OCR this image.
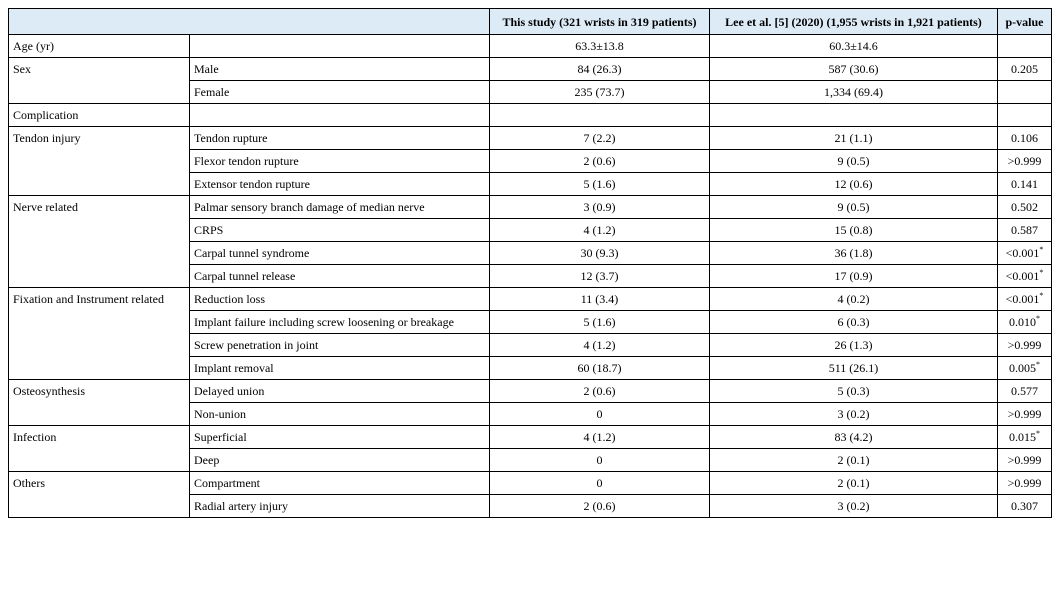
		This study (321 wrists in 319 patients)	Lee et al. [5] (2020) (1,955 wrists in 1,921 patients)	p-value
Age (yr)		63.3±13.8	60.3±14.6	
Sex	Male	84 (26.3)	587 (30.6)	0.205
	Female	235 (73.7)	1,334 (69.4)	
Complication				
Tendon injury	Tendon rupture	7 (2.2)	21 (1.1)	0.106
	Flexor tendon rupture	2 (0.6)	9 (0.5)	>0.999
	Extensor tendon rupture	5 (1.6)	12 (0.6)	0.141
Nerve related	Palmar sensory branch damage of median nerve	3 (0.9)	9 (0.5)	0.502
	CRPS	4 (1.2)	15 (0.8)	0.587
	Carpal tunnel syndrome	30 (9.3)	36 (1.8)	<0.001*
	Carpal tunnel release	12 (3.7)	17 (0.9)	<0.001*
Fixation and Instrument related	Reduction loss	11 (3.4)	4 (0.2)	<0.001*
	Implant failure including screw loosening or breakage	5 (1.6)	6 (0.3)	0.010*
	Screw penetration in joint	4 (1.2)	26 (1.3)	>0.999
	Implant removal	60 (18.7)	511 (26.1)	0.005*
Osteosynthesis	Delayed union	2 (0.6)	5 (0.3)	0.577
	Non-union	0	3 (0.2)	>0.999
Infection	Superficial	4 (1.2)	83 (4.2)	0.015*
	Deep	0	2 (0.1)	>0.999
Others	Compartment	0	2 (0.1)	>0.999
	Radial artery injury	2 (0.6)	3 (0.2)	0.307
